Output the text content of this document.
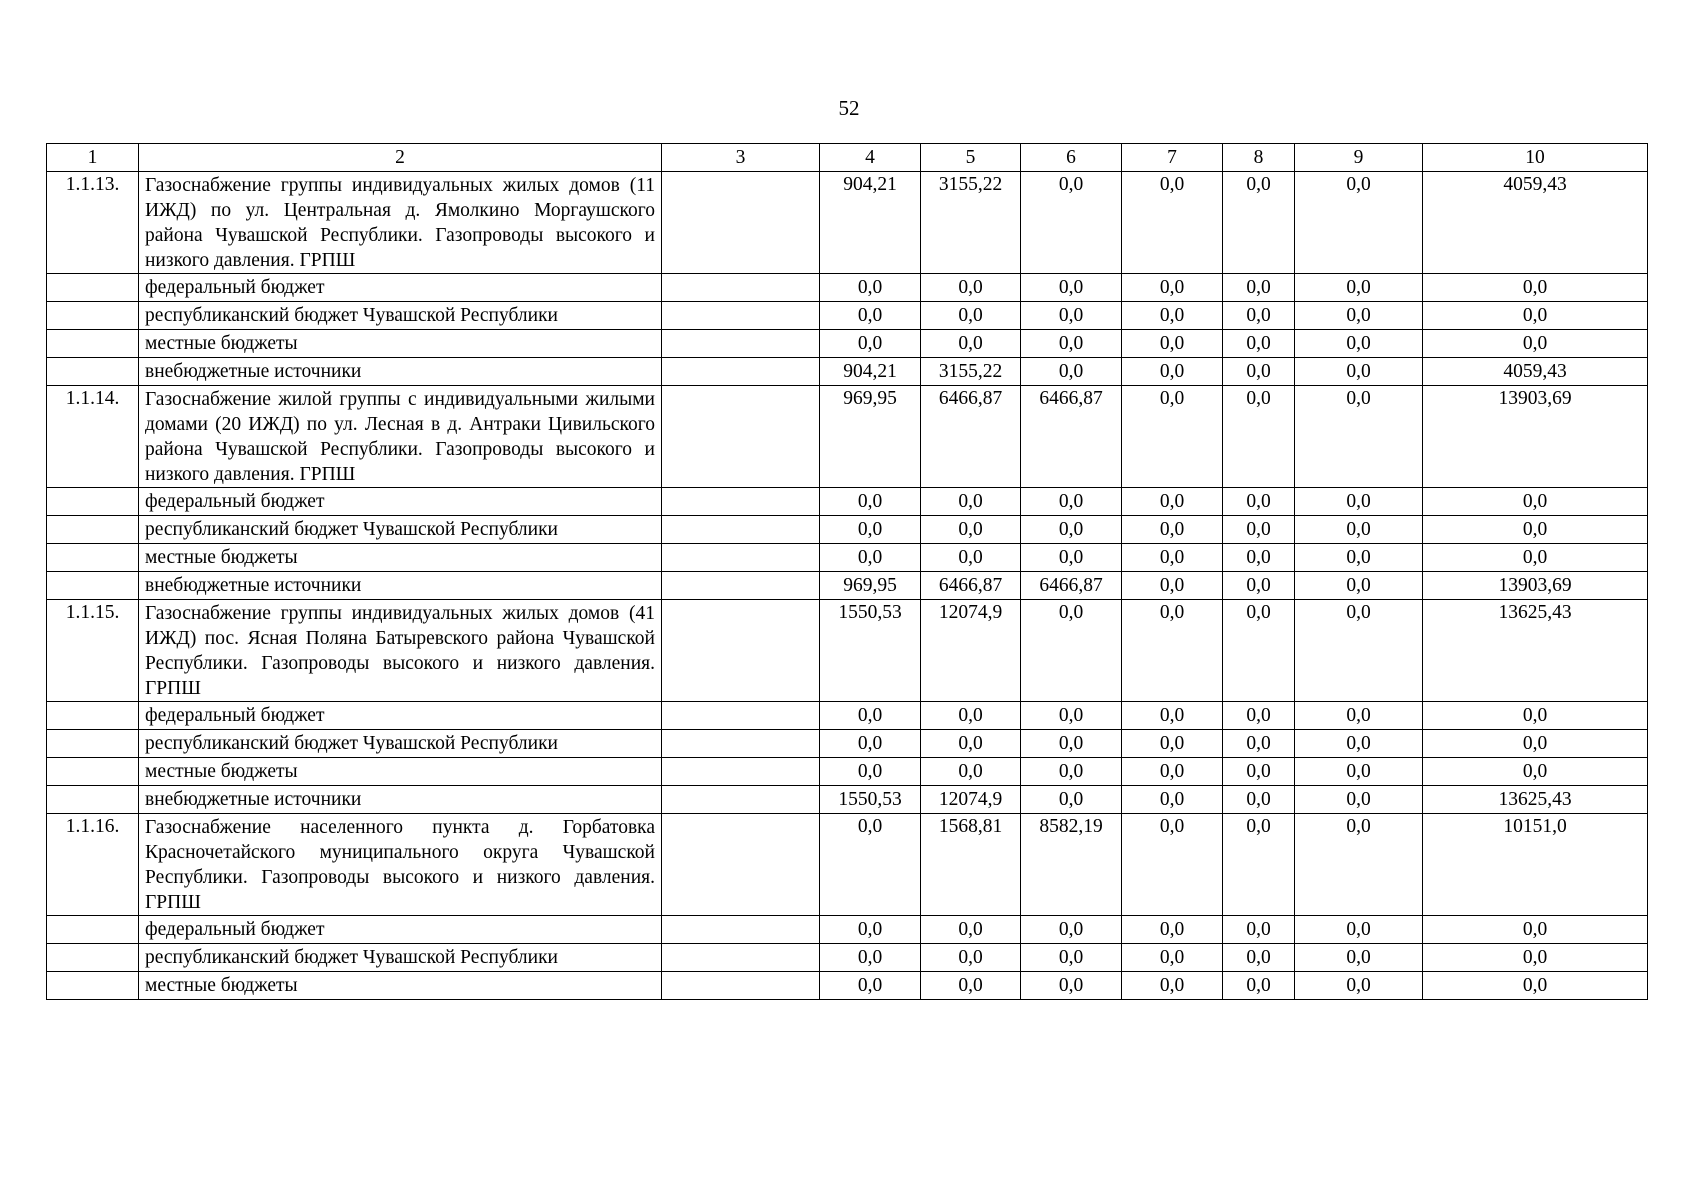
52
1	2	3	4	5	6	7	8	9	10
1.1.13.	Газоснабжение группы индивидуальных жилых домов (11 ИЖД) по ул. Центральная д. Ямолкино Моргаушского района Чувашской Республики. Газопроводы высокого и низкого давления. ГРПШ		904,21	3155,22	0,0	0,0	0,0	0,0	4059,43
	федеральный бюджет		0,0	0,0	0,0	0,0	0,0	0,0	0,0
	республиканский бюджет Чувашской Республики		0,0	0,0	0,0	0,0	0,0	0,0	0,0
	местные бюджеты		0,0	0,0	0,0	0,0	0,0	0,0	0,0
	внебюджетные источники		904,21	3155,22	0,0	0,0	0,0	0,0	4059,43
1.1.14.	Газоснабжение жилой группы с индивидуальными жилыми домами (20 ИЖД) по ул. Лесная в д. Антраки Цивильского района Чувашской Республики. Газопроводы высокого и низкого давления. ГРПШ		969,95	6466,87	6466,87	0,0	0,0	0,0	13903,69
	федеральный бюджет		0,0	0,0	0,0	0,0	0,0	0,0	0,0
	республиканский бюджет Чувашской Республики		0,0	0,0	0,0	0,0	0,0	0,0	0,0
	местные бюджеты		0,0	0,0	0,0	0,0	0,0	0,0	0,0
	внебюджетные источники		969,95	6466,87	6466,87	0,0	0,0	0,0	13903,69
1.1.15.	Газоснабжение группы индивидуальных жилых домов (41 ИЖД) пос. Ясная Поляна Батыревского района Чувашской Республики. Газопроводы высокого и низкого давления. ГРПШ		1550,53	12074,9	0,0	0,0	0,0	0,0	13625,43
	федеральный бюджет		0,0	0,0	0,0	0,0	0,0	0,0	0,0
	республиканский бюджет Чувашской Республики		0,0	0,0	0,0	0,0	0,0	0,0	0,0
	местные бюджеты		0,0	0,0	0,0	0,0	0,0	0,0	0,0
	внебюджетные источники		1550,53	12074,9	0,0	0,0	0,0	0,0	13625,43
1.1.16.	Газоснабжение населенного пункта д. Горбатовка Красночетайского муниципального округа Чувашской Республики. Газопроводы высокого и низкого давления. ГРПШ		0,0	1568,81	8582,19	0,0	0,0	0,0	10151,0
	федеральный бюджет		0,0	0,0	0,0	0,0	0,0	0,0	0,0
	республиканский бюджет Чувашской Республики		0,0	0,0	0,0	0,0	0,0	0,0	0,0
	местные бюджеты		0,0	0,0	0,0	0,0	0,0	0,0	0,0
